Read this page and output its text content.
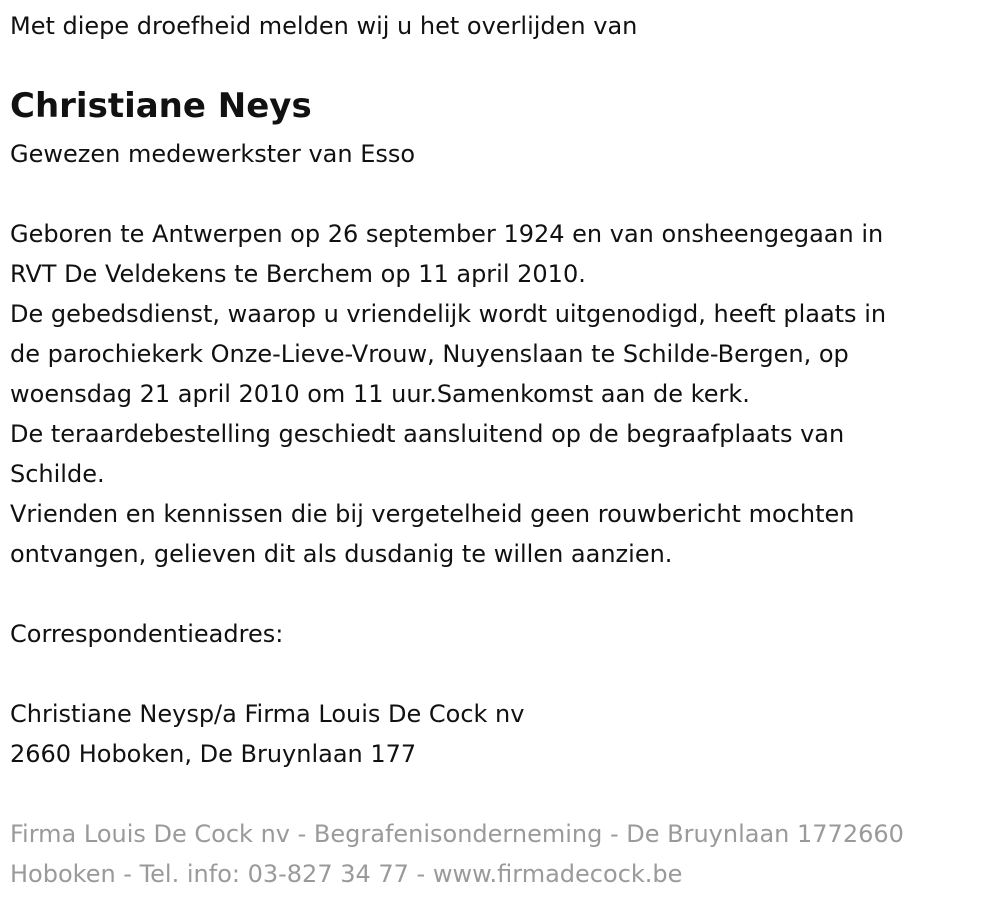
Met diepe droefheid melden wij u het overlijden van
Christiane Neys
Gewezen medewerkster van Esso

Geboren te Antwerpen op 26 september 1924 en van onsheengegaan in

RVT De Veldekens te Berchem op 11 april 2010.

De gebedsdienst, waarop u vriendelijk wordt uitgenodigd, heeft plaats in

de parochiekerk Onze-Lieve-Vrouw, Nuyenslaan te Schilde-Bergen, op

woensdag 21 april 2010 om 11 uur.Samenkomst aan de kerk.

De teraardebestelling geschiedt aansluitend op de begraafplaats van

Schilde.

Vrienden en kennissen die bij vergetelheid geen rouwbericht mochten

ontvangen, gelieven dit als dusdanig te willen aanzien.

Correspondentieadres:
Christiane Neysp/a Firma Louis De Cock nv
2660 Hoboken, De Bruynlaan 177

Firma Louis De Cock nv - Begrafenisonderneming - De Bruynlaan 1772660

Hoboken - Tel. info: 03-827 34 77 - www.firmadecock.be
